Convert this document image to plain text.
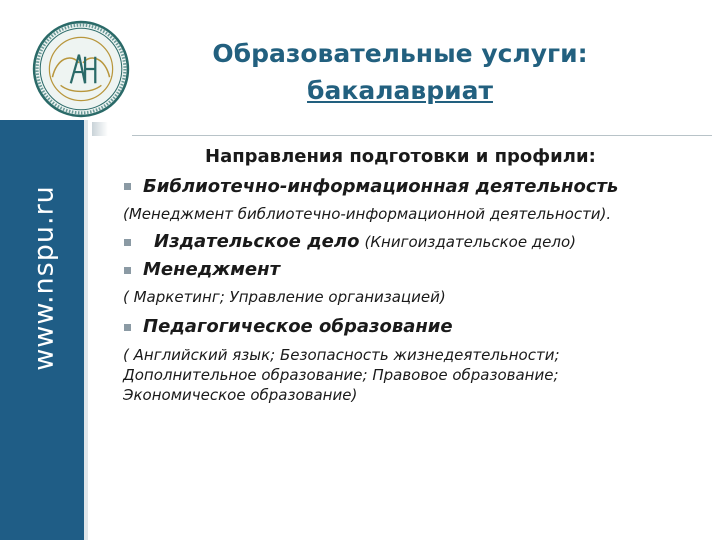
www.nspu.ru
Образовательные услуги:
бакалавриат
Направления подготовки и профили:
Библиотечно-информационная деятельность
(Менеджмент библиотечно-информационной деятельности).
Издательское дело (Книгоиздательское дело)
Менеджмент
( Маркетинг; Управление организацией)
Педагогическое образование
( Английский язык; Безопасность жизнедеятельности;
Дополнительное образование; Правовое образование;
Экономическое образование)
